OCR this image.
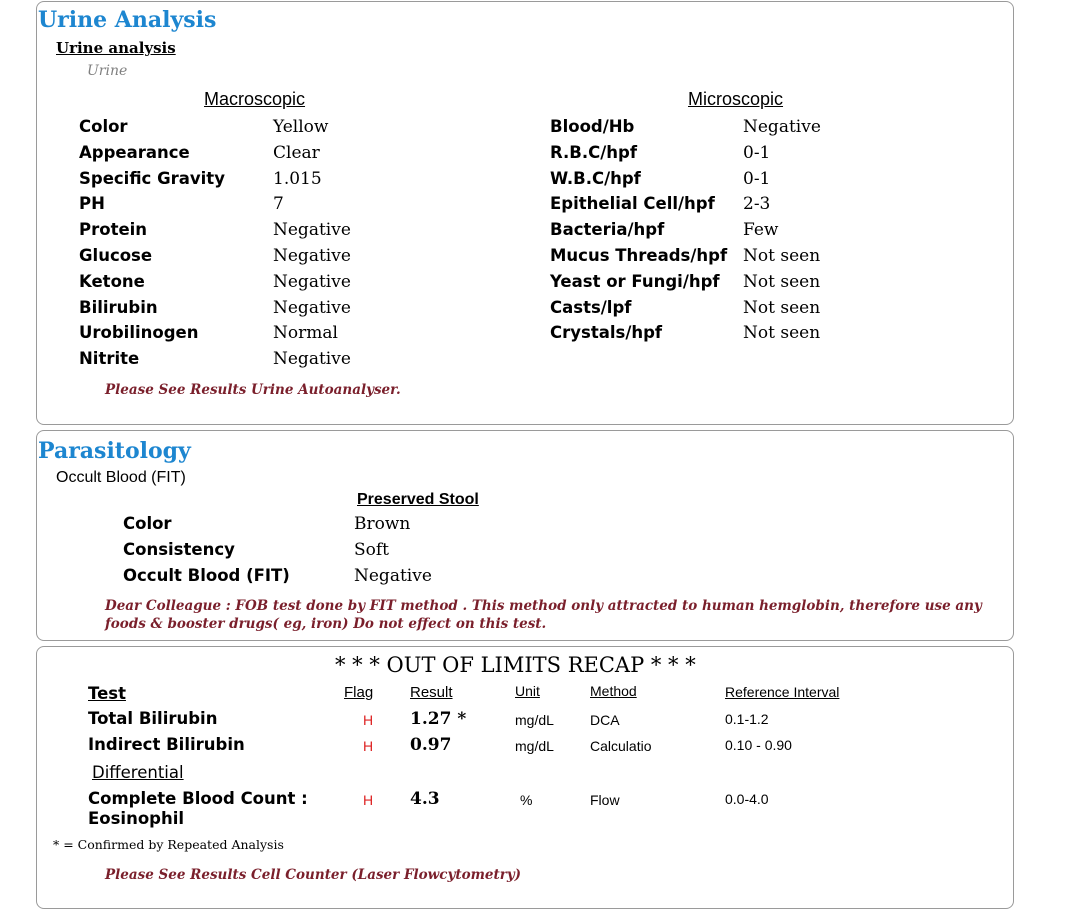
Urine Analysis
Urine analysis
Urine
Macroscopic	Microscopic
Color	Yellow
Appearance	Clear
Specific Gravity	1.015
PH	7
Protein	Negative
Glucose	Negative
Ketone	Negative
Bilirubin	Negative
Urobilinogen	Normal
Nitrite	Negative
Blood/Hb	Negative
R.B.C/hpf	0-1
W.B.C/hpf	0-1
Epithelial Cell/hpf 2-3
Bacteria/hpf	Few
Mucus Threads/hpf Not seen
Yeast or Fungi/hpf Not seen
Casts/lpf	Not seen
Crystals/hpf	Not seen
Please See Results Urine Autoanalyser.
Parasitology
Occult Blood (FIT)
Preserved Stool
Color	Brown
Consistency	Soft
Occult Blood (FIT)	Negative
Dear Colleague : FOB test done by FIT method . This method only attracted to human hemglobin, therefore use any
foods & booster drugs( eg, iron) Do not effect on this test.
* * * OUT OF LIMITS RECAP * * *
Test	Flag Result	Unit	Method	Reference Interval
Total Bilirubin	H 1.27 *	mg/dL	DCA	0.1-1.2
Indirect Bilirubin	H 0.97	mg/dL	Calculatio	0.10 - 0.90
Differential
Complete Blood Count :
Eosinophil
H 4.3	%	Flow	0.0-4.0
* = Confirmed by Repeated Analysis
Please See Results Cell Counter (Laser Flowcytometry)
